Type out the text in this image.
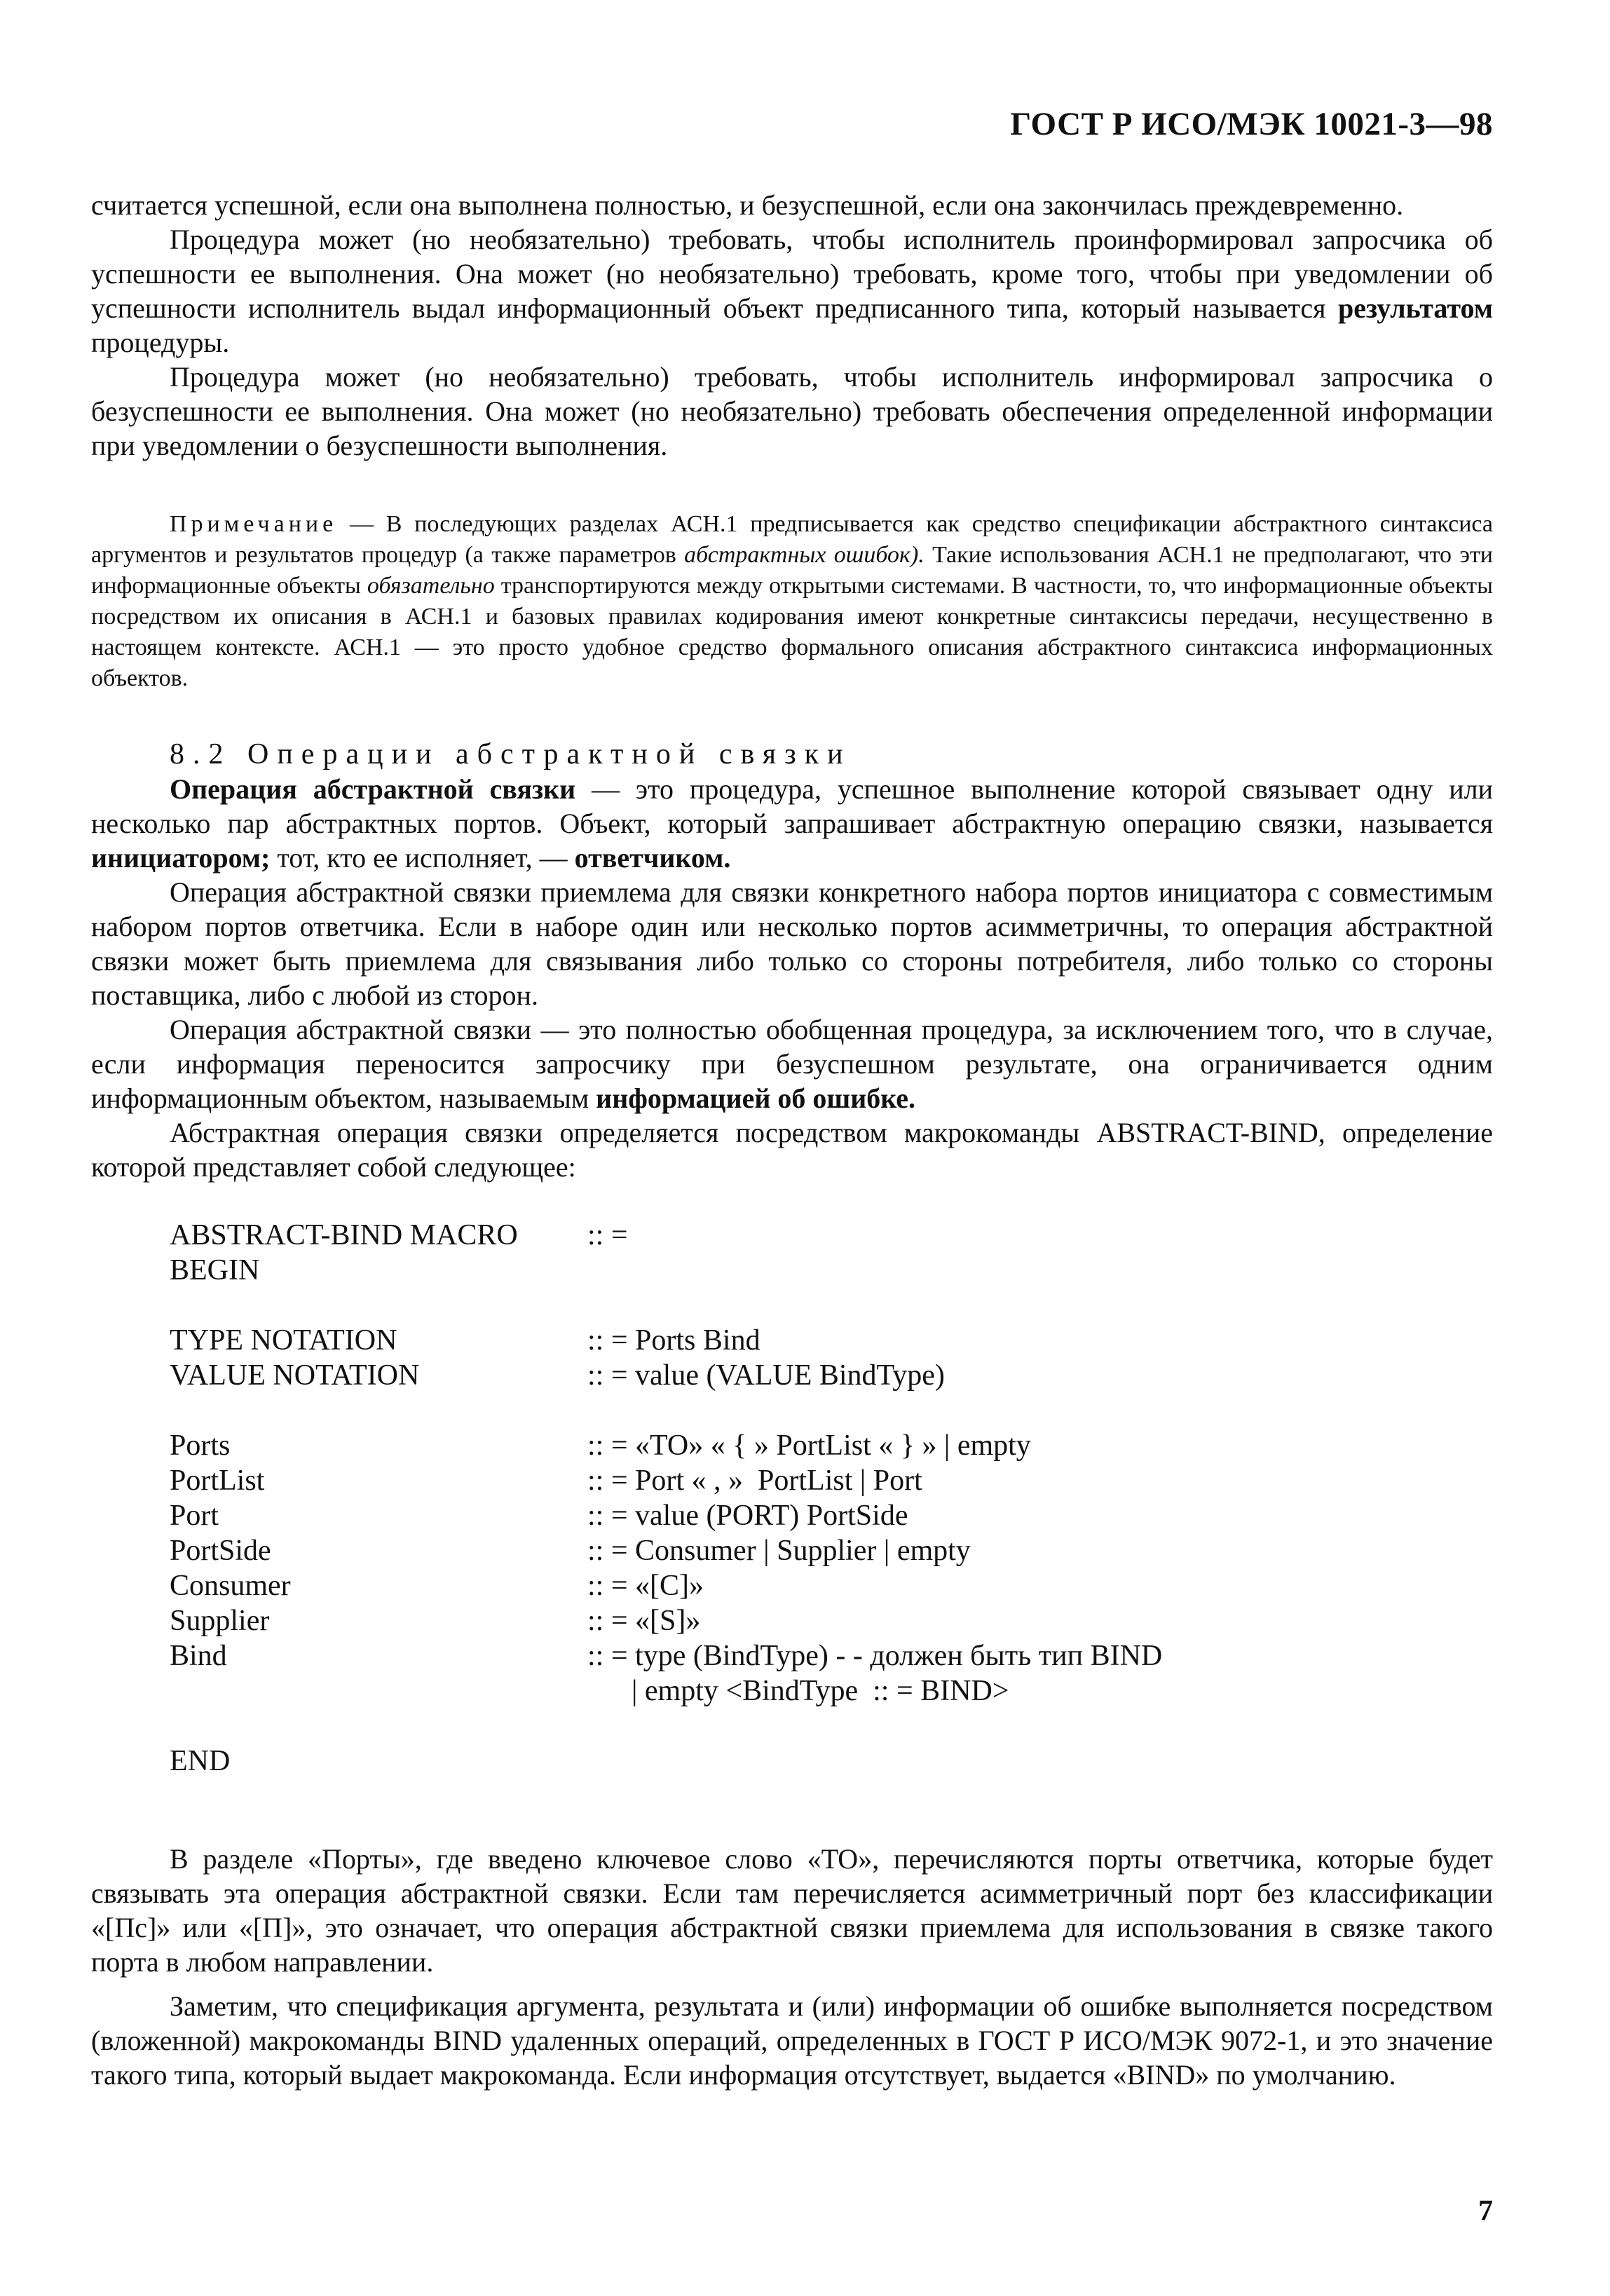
ГОСТ Р ИСО/МЭК 10021-3—98

считается успешной, если она выполнена полностью, и безуспешной, если она закончилась преждевременно.

Процедура может (но необязательно) требовать, чтобы исполнитель проинформировал запросчика об успешности ее выполнения. Она может (но необязательно) требовать, кроме того, чтобы при уведомлении об успешности исполнитель выдал информационный объект предписанного типа, который называется результатом процедуры.

Процедура может (но необязательно) требовать, чтобы исполнитель информировал запросчика о безуспешности ее выполнения. Она может (но необязательно) требовать обеспечения определенной информации при уведомлении о безуспешности выполнения.

Примечание — В последующих разделах АСН.1 предписывается как средство спецификации абстрактного синтаксиса аргументов и результатов процедур (а также параметров абстрактных ошибок). Такие использования АСН.1 не предполагают, что эти информационные объекты обязательно транспортируются между открытыми системами. В частности, то, что информационные объекты посредством их описания в АСН.1 и базовых правилах кодирования имеют конкретные синтаксисы передачи, несущественно в настоящем контексте. АСН.1 — это просто удобное средство формального описания абстрактного синтаксиса информационных объектов.

8.2 Операции абстрактной связки

Операция абстрактной связки — это процедура, успешное выполнение которой связывает одну или несколько пар абстрактных портов. Объект, который запрашивает абстрактную операцию связки, называется инициатором; тот, кто ее исполняет, — ответчиком.

Операция абстрактной связки приемлема для связки конкретного набора портов инициатора с совместимым набором портов ответчика. Если в наборе один или несколько портов асимметричны, то операция абстрактной связки может быть приемлема для связывания либо только со стороны потребителя, либо только со стороны поставщика, либо с любой из сторон.

Операция абстрактной связки — это полностью обобщенная процедура, за исключением того, что в случае, если информация переносится запросчику при безуспешном результате, она ограничивается одним информационным объектом, называемым информацией об ошибке.

Абстрактная операция связки определяется посредством макрокоманды ABSTRACT-BIND, определение которой представляет собой следующее:

ABSTRACT-BIND MACRO	:: =
BEGIN
TYPE NOTATION	:: = Ports Bind
VALUE NOTATION	:: = value (VALUE BindType)
Ports	:: = «TO» « { » PortList « } » | empty
PortList	:: = Port « , »  PortList | Port
Port	:: = value (PORT) PortSide
PortSide	:: = Consumer | Supplier | empty
Consumer	:: = «[C]»
Supplier	:: = «[S]»
Bind	:: = type (BindType) - - должен быть тип BIND
| empty <BindType  :: = BIND>
END

В разделе «Порты», где введено ключевое слово «TO», перечисляются порты ответчика, которые будет связывать эта операция абстрактной связки. Если там перечисляется асимметричный порт без классификации «[Пс]» или «[П]», это означает, что операция абстрактной связки приемлема для использования в связке такого порта в любом направлении.

Заметим, что спецификация аргумента, результата и (или) информации об ошибке выполняется посредством (вложенной) макрокоманды BIND удаленных операций, определенных в ГОСТ Р ИСО/МЭК 9072-1, и это значение такого типа, который выдает макрокоманда. Если информация отсутствует, выдается «BIND» по умолчанию.

7
